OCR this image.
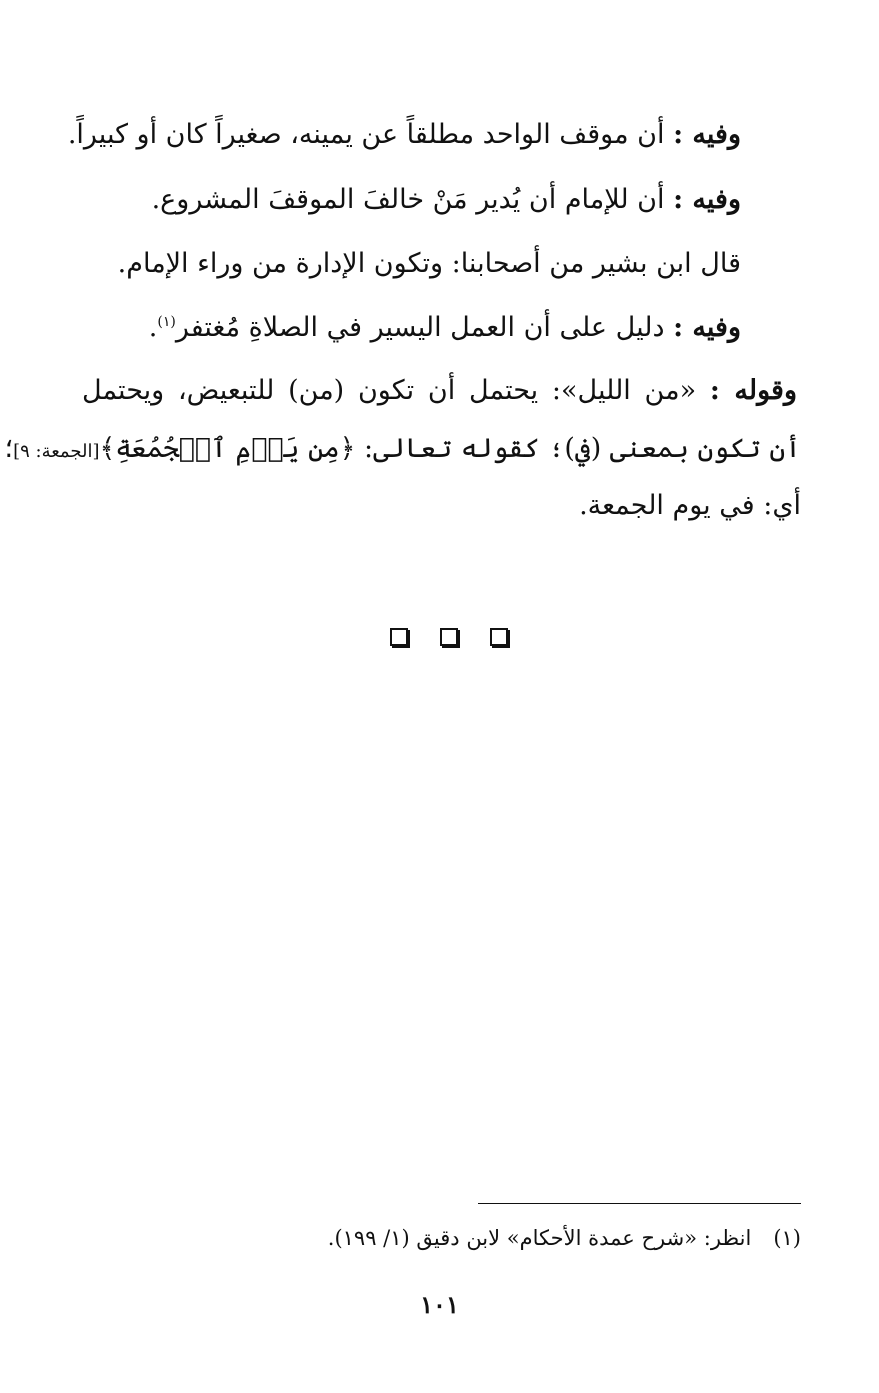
وفيه : أن موقف الواحد مطلقاً عن يمينه، صغيراً كان أو كبيراً.
وفيه : أن للإمام أن يُدير مَنْ خالفَ الموقفَ المشروع.
قال ابن بشير من أصحابنا: وتكون الإدارة من وراء الإمام.
وفيه : دليل على أن العمل اليسير في الصلاةِ مُغتفر$^{(١)}$.
وقوله : «من الليل»: يحتمل أن تكون (من) للتبعيض، ويحتمل
أن تكون بمعنى (في)؛ كقوله تعالى: ﴿مِن يَوۡمِ ٱلۡجُمُعَةِ﴾[الجمعة: ٩]؛
أي: في يوم الجمعة.
(١)انظر: «شرح عمدة الأحكام» لابن دقيق (١/ ١٩٩).
١٠١
